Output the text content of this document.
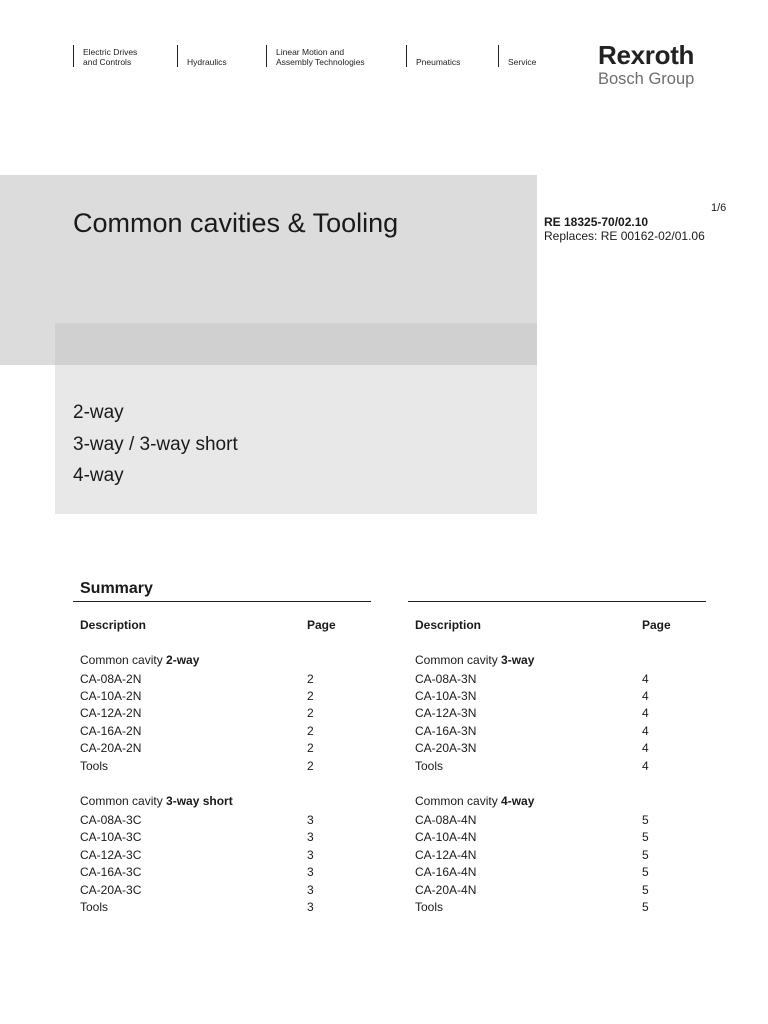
Electric Drives
and Controls	Hydraulics
Linear Motion and
Assembly Technologies	Pneumatics	Service Rexroth
Bosch Group
Common cavities & Tooling	1/6
RE 18325-70/02.10
Replaces: RE 00162-02/01.06
2-way
3-way / 3-way short
4-way
Summary
Description	Page
Common cavity 2-way
CA-08A-2N	2
CA-10A-2N	2
CA-12A-2N	2
CA-16A-2N	2
CA-20A-2N	2
Tools	2
Common cavity 3-way short
CA-08A-3C	3
CA-10A-3C	3
CA-12A-3C	3
CA-16A-3C	3
CA-20A-3C	3
Tools	3
Description	Page
Common cavity 3-way
CA-08A-3N	4
CA-10A-3N	4
CA-12A-3N	4
CA-16A-3N	4
CA-20A-3N	4
Tools	4
Common cavity 4-way
CA-08A-4N	5
CA-10A-4N	5
CA-12A-4N	5
CA-16A-4N	5
CA-20A-4N	5
Tools	5
